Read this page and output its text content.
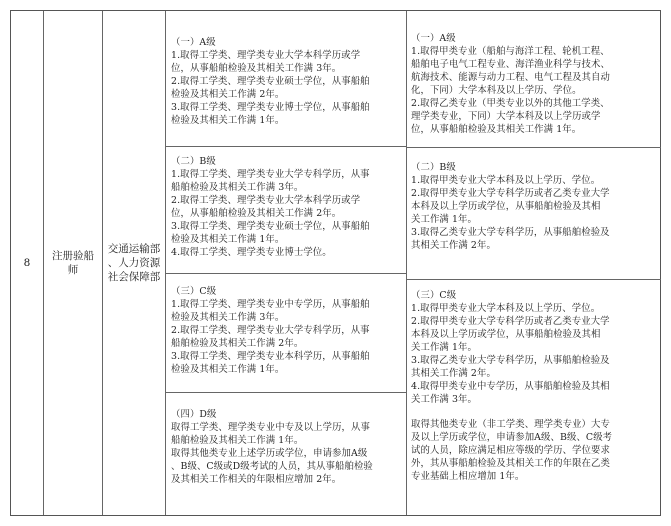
8
注册验船
师
交通运输部
、人力资源
社会保障部
（一）A级
1.取得工学类、理学类专业大学本科学历或学
位，从事船舶检验及其相关工作满 3年。
2.取得工学类、理学类专业硕士学位，从事船舶
检验及其相关工作满 2年。
3.取得工学类、理学类专业博士学位，从事船舶
检验及其相关工作满 1年。
（二）B级
1.取得工学类、理学类专业大学专科学历，从事
船舶检验及其相关工作满 3年。
2.取得工学类、理学类专业大学本科学历或学
位，从事船舶检验及其相关工作满 2年。
3.取得工学类、理学类专业硕士学位，从事船舶
检验及其相关工作满 1年。
4.取得工学类、理学类专业博士学位。
（三）C级
1.取得工学类、理学类专业中专学历，从事船舶
检验及其相关工作满 3年。
2.取得工学类、理学类专业大学专科学历，从事
船舶检验及其相关工作满 2年。
3.取得工学类、理学类专业本科学历，从事船舶
检验及其相关工作满 1年。
（四）D级
取得工学类、理学类专业中专及以上学历，从事
船舶检验及其相关工作满 1年。
取得其他类专业上述学历或学位，申请参加A级
、B级、C级或D级考试的人员，其从事船舶检验
及其相关工作相关的年限相应增加 2年。
（一）A级
1.取得甲类专业（船舶与海洋工程、轮机工程、
船舶电子电气工程专业、海洋渔业科学与技术、
航海技术、能源与动力工程、电气工程及其自动
化，下同）大学本科及以上学历、学位。
2.取得乙类专业（甲类专业以外的其他工学类、
理学类专业，下同）大学本科及以上学历或学
位，从事船舶检验及其相关工作满 1年。
（二）B级
1.取得甲类专业大学本科及以上学历、学位。
2.取得甲类专业大学专科学历或者乙类专业大学
本科及以上学历或学位，从事船舶检验及其相
关工作满 1年。
3.取得乙类专业大学专科学历，从事船舶检验及
其相关工作满 2年。
（三）C级
1.取得甲类专业大学本科及以上学历、学位。
2.取得甲类专业大学专科学历或者乙类专业大学
本科及以上学历或学位，从事船舶检验及其相
关工作满 1年。
3.取得乙类专业大学专科学历，从事船舶检验及
其相关工作满 2年。
4.取得甲类专业中专学历，从事船舶检验及其相
关工作满 3年。
取得其他类专业（非工学类、理学类专业）大专
及以上学历或学位，申请参加A级、B级、C级考
试的人员，除应满足相应等级的学历、学位要求
外，其从事船舶检验及其相关工作的年限在乙类
专业基础上相应增加 1年。
